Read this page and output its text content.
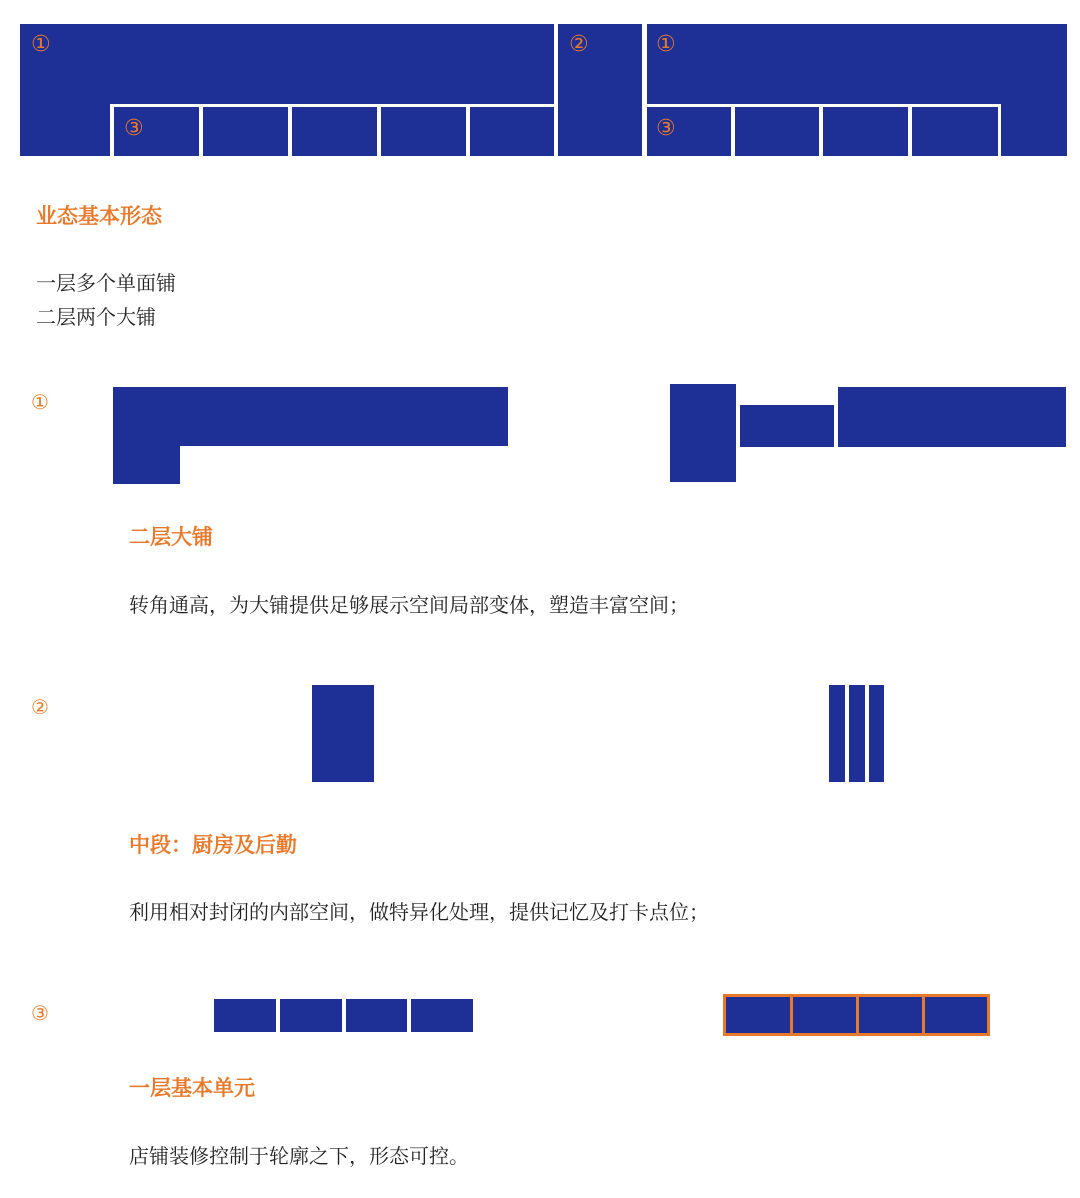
①	②	①
③	③
业态基本形态
一层多个单面铺
二层两个大铺
①
二层大铺
转角通高，为大铺提供足够展示空间局部变体，塑造丰富空间；
②
中段：厨房及后勤
利用相对封闭的内部空间，做特异化处理，提供记忆及打卡点位；
③
一层基本单元
店铺装修控制于轮廓之下，形态可控。
